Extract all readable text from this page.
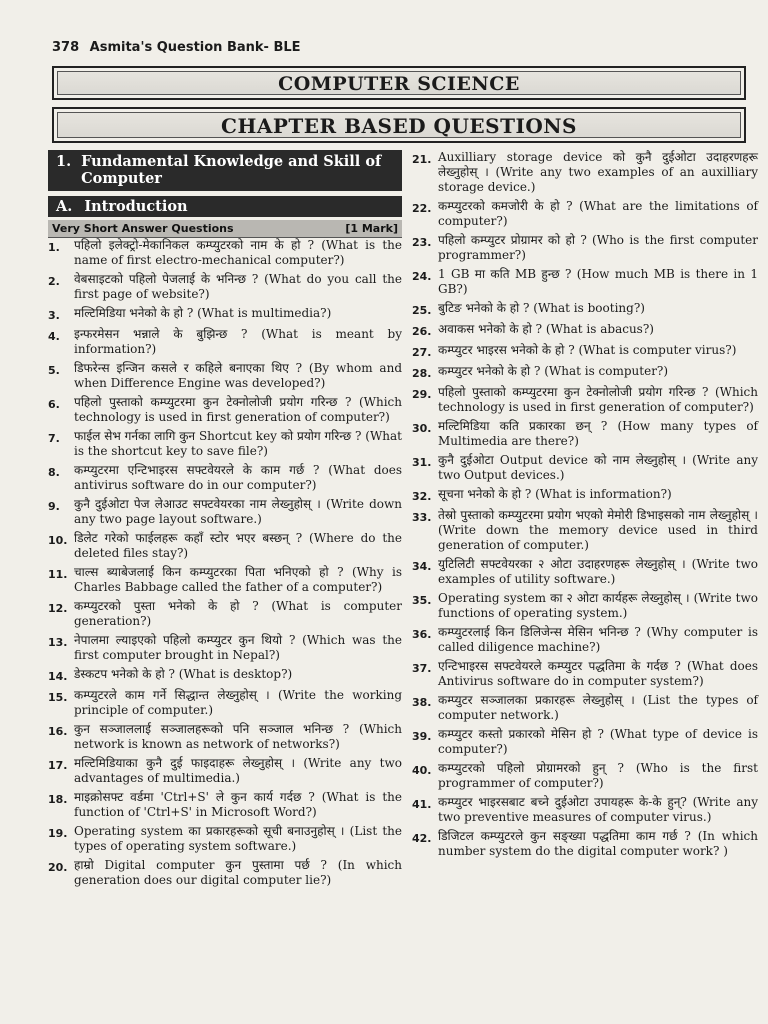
378 Asmita's Question Bank- BLE
COMPUTER SCIENCE
CHAPTER BASED QUESTIONS
1. Fundamental Knowledge and Skill of Computer
A. Introduction
Very Short Answer Questions	[1 Mark]
1.	पहिलो इलेक्ट्रो-मेकानिकल कम्प्युटरको नाम के हो ? (What is the name of first electro-mechanical computer?)
2.	वेबसाइटको पहिलो पेजलाई के भनिन्छ ? (What do you call the first page of website?)
3.	मल्टिमिडिया भनेको के हो ? (What is multimedia?)
4.	इन्फरमेसन भन्नाले के बुझिन्छ ? (What is meant by information?)
5.	डिफरेन्स इन्जिन कसले र कहिले बनाएका थिए ? (By whom and when Difference Engine was developed?)
6.	पहिलो पुस्ताको कम्प्युटरमा कुन टेक्नोलोजी प्रयोग गरिन्छ ? (Which technology is used in first generation of computer?)
7.	फाईल सेभ गर्नका लागि कुन Shortcut key को प्रयोग गरिन्छ ? (What is the shortcut key to save file?)
8.	कम्प्युटरमा एन्टिभाइरस सफ्टवेयरले के काम गर्छ ? (What does antivirus software do in our computer?)
9.	कुनै दुईओटा पेज लेआउट सफ्टवेयरका नाम लेख्नुहोस् । (Write down any two page layout software.)
10. डिलेट गरेको फाईलहरू कहाँ स्टोर भएर बस्छन् ? (Where do the deleted files stay?)
11. चाल्स ब्याबेजलाई किन कम्प्युटरका पिता भनिएको हो ? (Why is Charles Babbage called the father of a computer?)
12. कम्प्युटरको पुस्ता भनेको के हो ? (What is computer generation?)
13. नेपालमा ल्याइएको पहिलो कम्प्युटर कुन थियो ? (Which was the first computer brought in Nepal?)
14. डेस्कटप भनेको के हो ? (What is desktop?)
15. कम्प्युटरले काम गर्ने सिद्धान्त लेख्नुहोस् । (Write the working principle of computer.)
16. कुन सञ्जाललाई सञ्जालहरूको पनि सञ्जाल भनिन्छ ? (Which network is known as network of networks?)
17. मल्टिमिडियाका कुनै दुई फाइदाहरू लेख्नुहोस् । (Write any two advantages of multimedia.)
18. माइक्रोसफ्ट वर्डमा 'Ctrl+S' ले कुन कार्य गर्दछ ? (What is the function of 'Ctrl+S' in Microsoft Word?)
19. Operating system का प्रकारहरूको सूची बनाउनुहोस् । (List the types of operating system software.)
20. हाम्रो Digital computer कुन पुस्तामा पर्छ ? (In which generation does our digital computer lie?)
21. Auxilliary storage device को कुनै दुईओटा उदाहरणहरू लेख्नुहोस् । (Write any two examples of an auxilliary storage device.)
22. कम्प्युटरको कमजोरी के हो ? (What are the limitations of computer?)
23. पहिलो कम्प्युटर प्रोग्रामर को हो ? (Who is the first computer programmer?)
24. 1 GB मा कति MB हुन्छ ? (How much MB is there in 1 GB?)
25. बुटिङ भनेको के हो ? (What is booting?)
26. अवाकस भनेको के हो ? (What is abacus?)
27. कम्प्युटर भाइरस भनेको के हो ? (What is computer virus?)
28. कम्प्युटर भनेको के हो ? (What is computer?)
29. पहिलो पुस्ताको कम्प्युटरमा कुन टेक्नोलोजी प्रयोग गरिन्छ ? (Which technology is used in first generation of computer?)
30. मल्टिमिडिया कति प्रकारका छन् ? (How many types of Multimedia are there?)
31. कुनै दुईओटा Output device को नाम लेख्नुहोस् । (Write any two Output devices.)
32. सूचना भनेको के हो ? (What is information?)
33. तेस्रो पुस्ताको कम्प्युटरमा प्रयोग भएको मेमोरी डिभाइसको नाम लेख्नुहोस् । (Write down the memory device used in third generation of computer.)
34. युटिलिटी सफ्टवेयरका २ ओटा उदाहरणहरू लेख्नुहोस् । (Write two examples of utility software.)
35. Operating system का २ ओटा कार्यहरू लेख्नुहोस् । (Write two functions of operating system.)
36. कम्प्युटरलाई किन डिलिजेन्स मेसिन भनिन्छ ? (Why computer is called diligence machine?)
37. एन्टिभाइरस सफ्टवेयरले कम्प्युटर पद्धतिमा के गर्दछ ? (What does Antivirus software do in computer system?)
38. कम्प्युटर सञ्जालका प्रकारहरू लेख्नुहोस् । (List the types of computer network.)
39. कम्प्युटर कस्तो प्रकारको मेसिन हो ? (What type of device is computer?)
40. कम्प्युटरको पहिलो प्रोग्रामरको हुन् ? (Who is the first programmer of computer?)
41. कम्प्युटर भाइरसबाट बच्ने दुईओटा उपायहरू के-के हुन्? (Write any two preventive measures of computer virus.)
42. डिजिटल कम्प्युटरले कुन सङ्ख्या पद्धतिमा काम गर्छ ? (In which number system do the digital computer work? )
